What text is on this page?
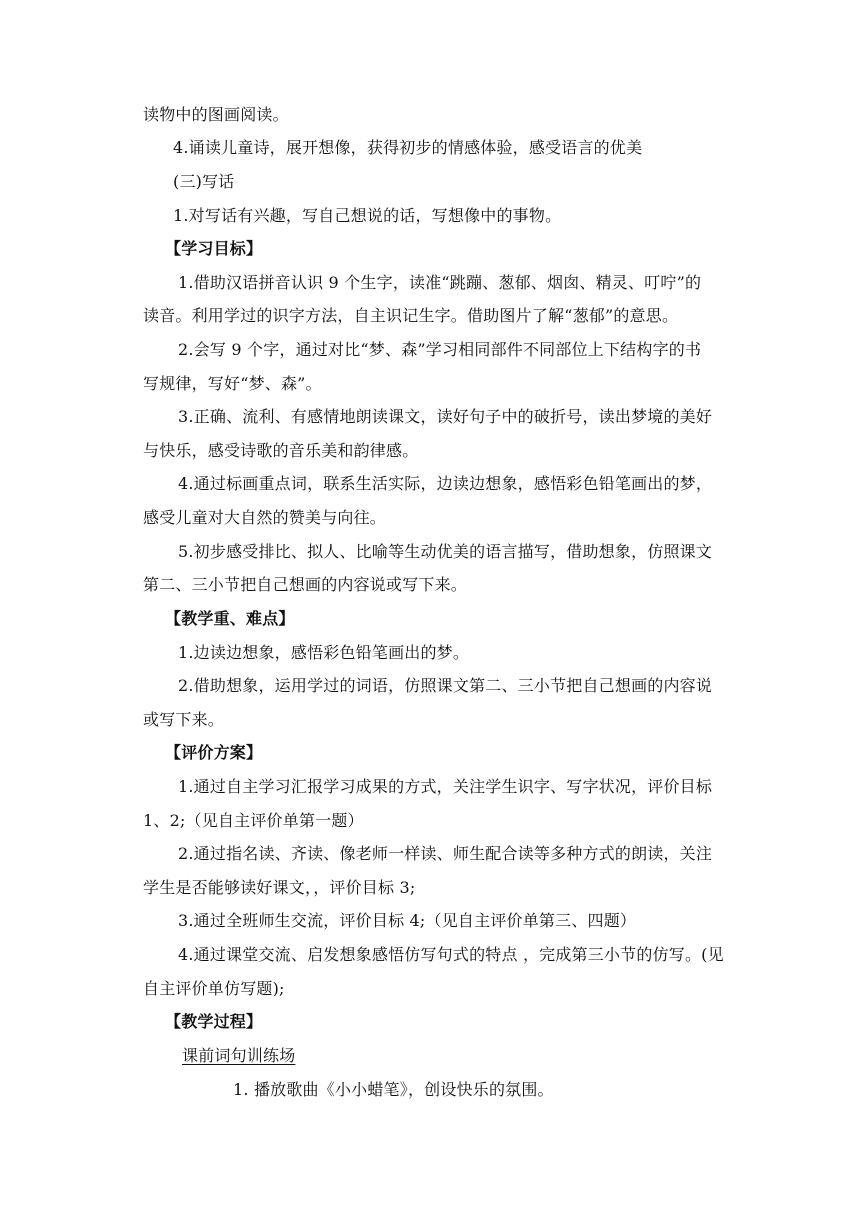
读物中的图画阅读。
4.诵读儿童诗，展开想像，获得初步的情感体验，感受语言的优美
(三)写话
1.对写话有兴趣，写自己想说的话，写想像中的事物。
【学习目标】
1.借助汉语拼音认识 9 个生字，读准“跳蹦、葱郁、烟囱、精灵、叮咛”的
读音。利用学过的识字方法，自主识记生字。借助图片了解“葱郁”的意思。
2.会写 9 个字，通过对比“梦、森”学习相同部件不同部位上下结构字的书
写规律，写好“梦、森”。
3.正确、流利、有感情地朗读课文，读好句子中的破折号，读出梦境的美好
与快乐，感受诗歌的音乐美和韵律感。
4.通过标画重点词，联系生活实际，边读边想象，感悟彩色铅笔画出的梦，
感受儿童对大自然的赞美与向往。
5.初步感受排比、拟人、比喻等生动优美的语言描写，借助想象，仿照课文
第二、三小节把自己想画的内容说或写下来。
【教学重、难点】
1.边读边想象，感悟彩色铅笔画出的梦。
2.借助想象，运用学过的词语，仿照课文第二、三小节把自己想画的内容说
或写下来。
【评价方案】
1.通过自主学习汇报学习成果的方式，关注学生识字、写字状况，评价目标
1、2;（见自主评价单第一题）
2.通过指名读、齐读、像老师一样读、师生配合读等多种方式的朗读，关注
学生是否能够读好课文，，评价目标 3;
3.通过全班师生交流，评价目标 4;（见自主评价单第三、四题）
4.通过课堂交流、启发想象感悟仿写句式的特点 ，完成第三小节的仿写。(见
自主评价单仿写题);
【教学过程】
课前词句训练场
1. 播放歌曲《小小蜡笔》，创设快乐的氛围。
